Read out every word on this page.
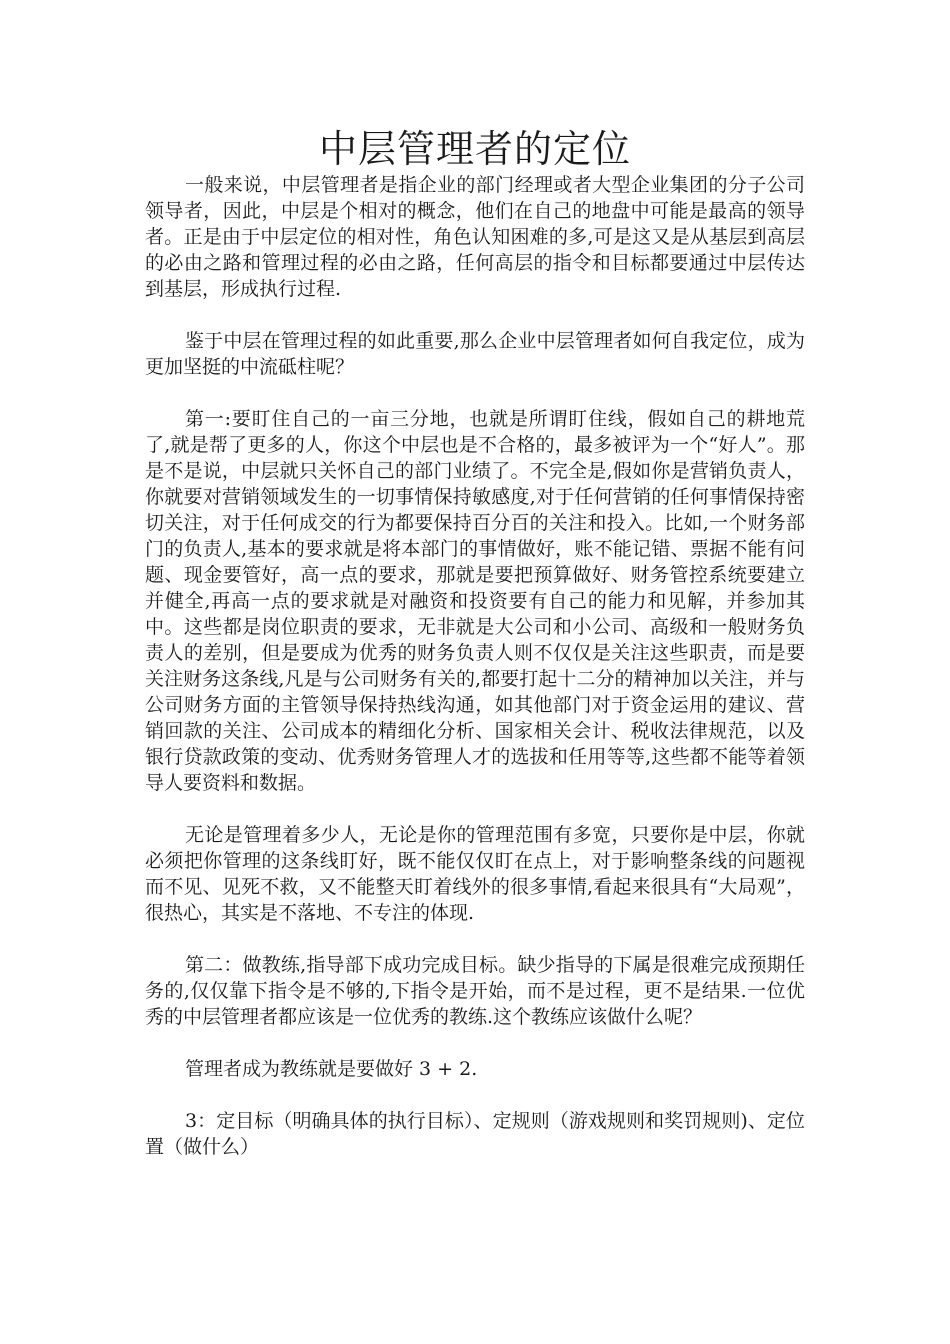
中层管理者的定位

一般来说，中层管理者是指企业的部门经理或者大型企业集团的分子公司领导者，因此，中层是个相对的概念，他们在自己的地盘中可能是最高的领导者。正是由于中层定位的相对性，角色认知困难的多,可是这又是从基层到高层的必由之路和管理过程的必由之路，任何高层的指令和目标都要通过中层传达到基层，形成执行过程.

鉴于中层在管理过程的如此重要,那么企业中层管理者如何自我定位，成为更加坚挺的中流砥柱呢？

第一:要盯住自己的一亩三分地，也就是所谓盯住线，假如自己的耕地荒了,就是帮了更多的人，你这个中层也是不合格的，最多被评为一个“好人”。那是不是说，中层就只关怀自己的部门业绩了。不完全是,假如你是营销负责人，你就要对营销领域发生的一切事情保持敏感度,对于任何营销的任何事情保持密切关注，对于任何成交的行为都要保持百分百的关注和投入。比如,一个财务部门的负责人,基本的要求就是将本部门的事情做好，账不能记错、票据不能有问题、现金要管好，高一点的要求，那就是要把预算做好、财务管控系统要建立并健全,再高一点的要求就是对融资和投资要有自己的能力和见解，并参加其中。这些都是岗位职责的要求，无非就是大公司和小公司、高级和一般财务负责人的差别，但是要成为优秀的财务负责人则不仅仅是关注这些职责，而是要关注财务这条线,凡是与公司财务有关的,都要打起十二分的精神加以关注，并与公司财务方面的主管领导保持热线沟通，如其他部门对于资金运用的建议、营销回款的关注、公司成本的精细化分析、国家相关会计、税收法律规范，以及银行贷款政策的变动、优秀财务管理人才的选拔和任用等等,这些都不能等着领导人要资料和数据。

无论是管理着多少人，无论是你的管理范围有多宽，只要你是中层，你就必须把你管理的这条线盯好，既不能仅仅盯在点上，对于影响整条线的问题视而不见、见死不救，又不能整天盯着线外的很多事情,看起来很具有“大局观”，很热心，其实是不落地、不专注的体现.

第二：做教练,指导部下成功完成目标。缺少指导的下属是很难完成预期任务的,仅仅靠下指令是不够的,下指令是开始，而不是过程，更不是结果.一位优秀的中层管理者都应该是一位优秀的教练.这个教练应该做什么呢？

管理者成为教练就是要做好 3 + 2.

3：定目标（明确具体的执行目标）、定规则（游戏规则和奖罚规则)、定位置（做什么）
